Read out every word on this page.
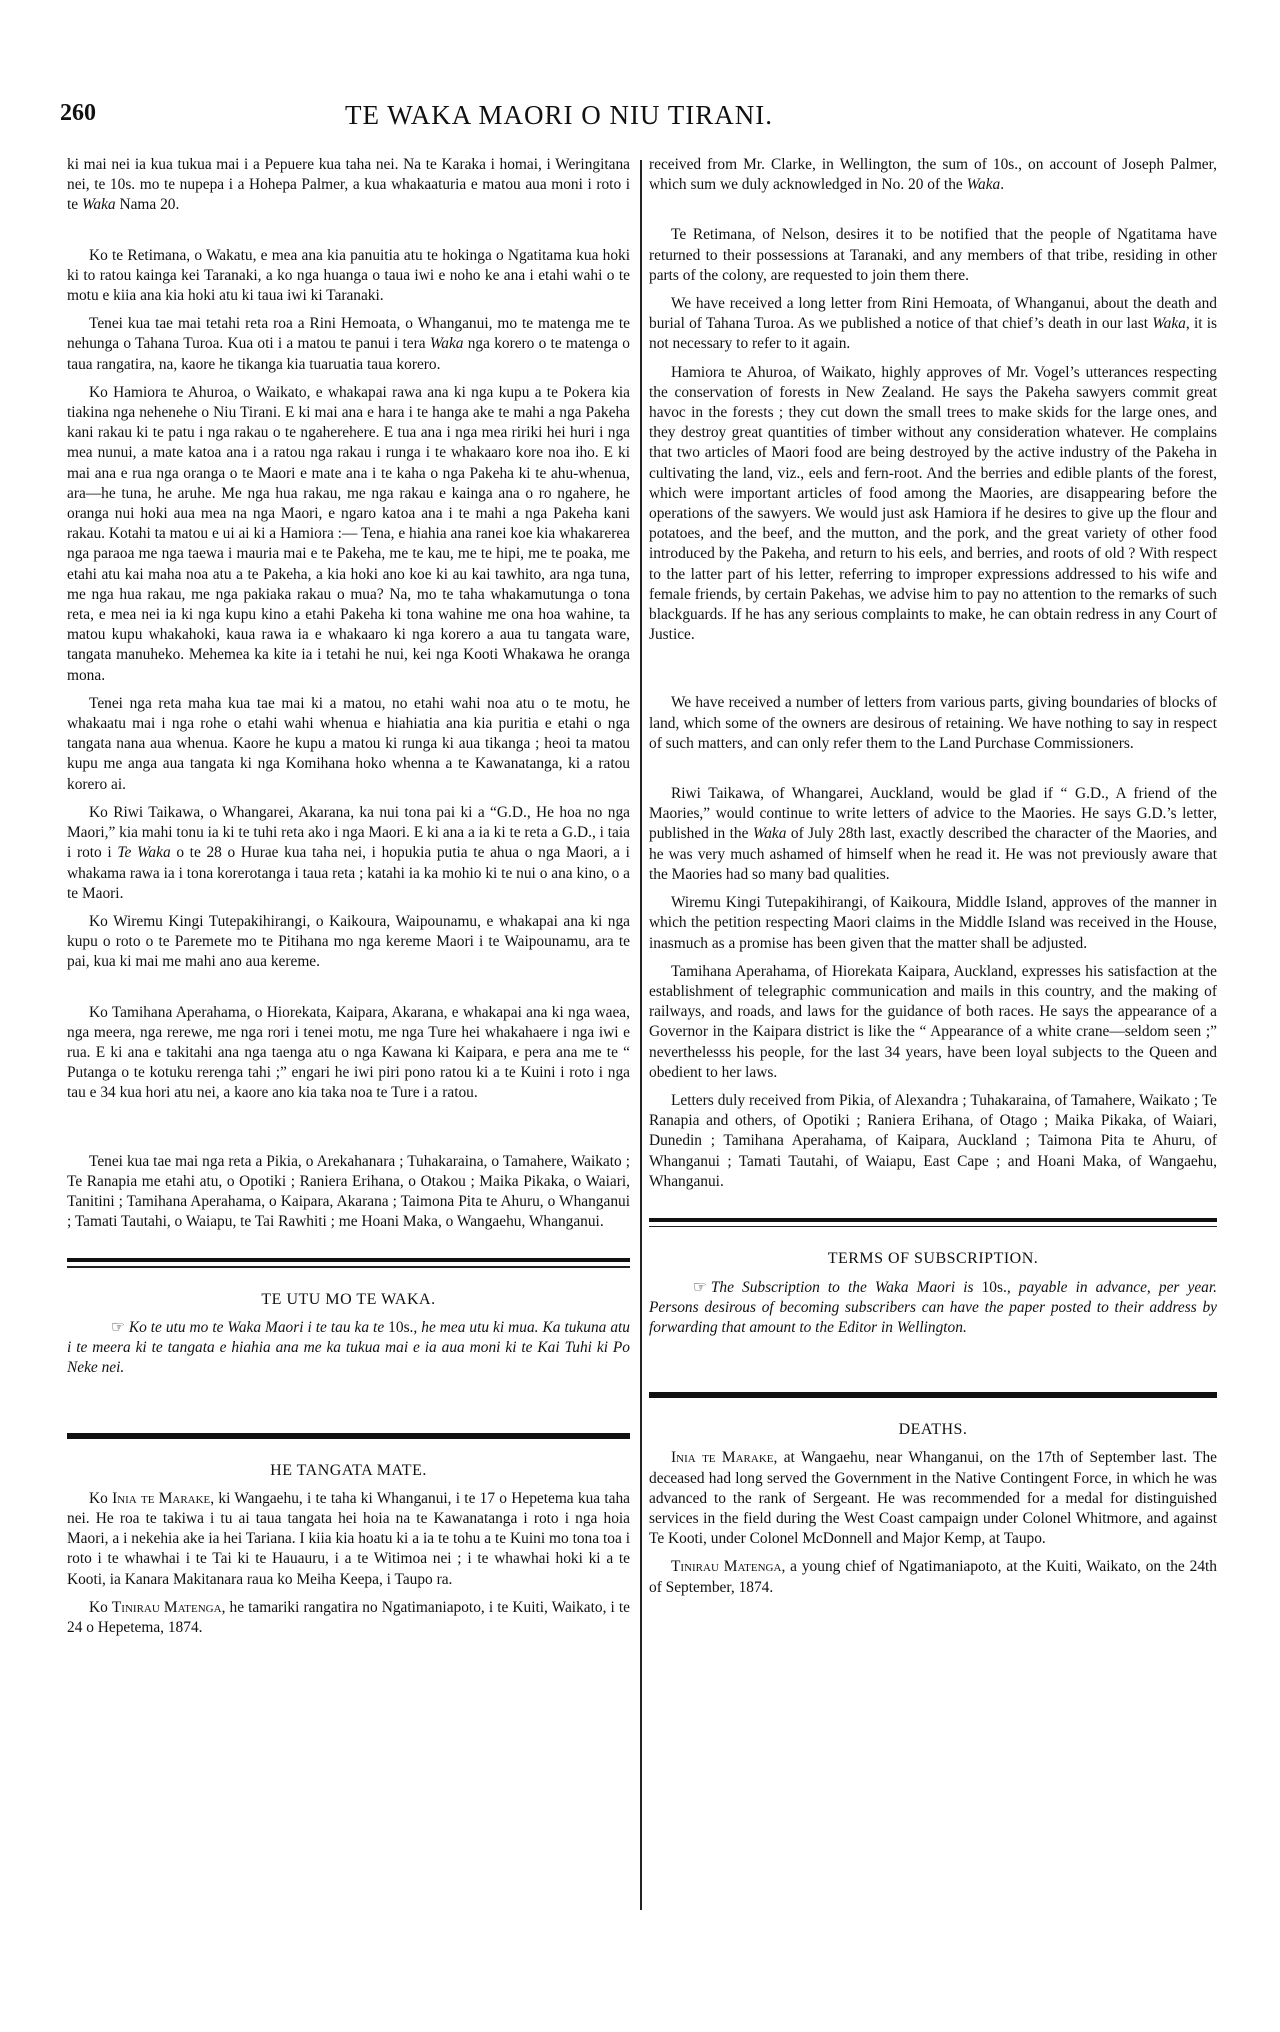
260	TE WAKA MAORI O NIU TIRANI.

ki mai nei ia kua tukua mai i a Pepuere kua taha nei. Na te Karaka i homai, i Weringitana nei, te 10s. mo te nupepa i a Hohepa Palmer, a kua whakaaturia e matou aua moni i roto i te Waka Nama 20.

Ko te Retimana, o Wakatu, e mea ana kia panuitia atu te hokinga o Ngatitama kua hoki ki to ratou kainga kei Taranaki, a ko nga huanga o taua iwi e noho ke ana i etahi wahi o te motu e kiia ana kia hoki atu ki taua iwi ki Taranaki.

Tenei kua tae mai tetahi reta roa a Rini Hemoata, o Whanganui, mo te matenga me te nehunga o Tahana Turoa. Kua oti i a matou te panui i tera Waka nga korero o te matenga o taua rangatira, na, kaore he tikanga kia tuaruatia taua korero.

Ko Hamiora te Ahuroa, o Waikato, e whakapai rawa ana ki nga kupu a te Pokera kia tiakina nga nehenehe o Niu Tirani. E ki mai ana e hara i te hanga ake te mahi a nga Pakeha kani rakau ki te patu i nga rakau o te ngaherehere. E tua ana i nga mea ririki hei huri i nga mea nunui, a mate katoa ana i a ratou nga rakau i runga i te whakaaro kore noa iho. E ki mai ana e rua nga oranga o te Maori e mate ana i te kaha o nga Pakeha ki te ahu-whenua, ara—he tuna, he aruhe. Me nga hua rakau, me nga rakau e kainga ana o ro ngahere, he oranga nui hoki aua mea na nga Maori, e ngaro katoa ana i te mahi a nga Pakeha kani rakau. Kotahi ta matou e ui ai ki a Hamiora :— Tena, e hiahia ana ranei koe kia whakarerea nga paraoa me nga taewa i mauria mai e te Pakeha, me te kau, me te hipi, me te poaka, me etahi atu kai maha noa atu a te Pakeha, a kia hoki ano koe ki au kai tawhito, ara nga tuna, me nga hua rakau, me nga pakiaka rakau o mua? Na, mo te taha whakamutunga o tona reta, e mea nei ia ki nga kupu kino a etahi Pakeha ki tona wahine me ona hoa wahine, ta matou kupu whakahoki, kaua rawa ia e whakaaro ki nga korero a aua tu tangata ware, tangata manuheko. Mehemea ka kite ia i tetahi he nui, kei nga Kooti Whakawa he oranga mona.

Tenei nga reta maha kua tae mai ki a matou, no etahi wahi noa atu o te motu, he whakaatu mai i nga rohe o etahi wahi whenua e hiahiatia ana kia puritia e etahi o nga tangata nana aua whenua. Kaore he kupu a matou ki runga ki aua tikanga ; heoi ta matou kupu me anga aua tangata ki nga Komihana hoko whenna a te Kawanatanga, ki a ratou korero ai.

Ko Riwi Taikawa, o Whangarei, Akarana, ka nui tona pai ki a “G.D., He hoa no nga Maori,” kia mahi tonu ia ki te tuhi reta ako i nga Maori. E ki ana a ia ki te reta a G.D., i taia i roto i Te Waka o te 28 o Hurae kua taha nei, i hopukia putia te ahua o nga Maori, a i whakama rawa ia i tona korerotanga i taua reta ; katahi ia ka mohio ki te nui o ana kino, o a te Maori.

Ko Wiremu Kingi Tutepakihirangi, o Kaikoura, Waipounamu, e whakapai ana ki nga kupu o roto o te Paremete mo te Pitihana mo nga kereme Maori i te Waipounamu, ara te pai, kua ki mai me mahi ano aua kereme.

Ko Tamihana Aperahama, o Hiorekata, Kaipara, Akarana, e whakapai ana ki nga waea, nga meera, nga rerewe, me nga rori i tenei motu, me nga Ture hei whakahaere i nga iwi e rua. E ki ana e takitahi ana nga taenga atu o nga Kawana ki Kaipara, e pera ana me te “ Putanga o te kotuku rerenga tahi ;” engari he iwi piri pono ratou ki a te Kuini i roto i nga tau e 34 kua hori atu nei, a kaore ano kia taka noa te Ture i a ratou.

Tenei kua tae mai nga reta a Pikia, o Arekahanara ; Tuhakaraina, o Tamahere, Waikato ; Te Ranapia me etahi atu, o Opotiki ; Raniera Erihana, o Otakou ; Maika Pikaka, o Waiari, Tanitini ; Tamihana Aperahama, o Kaipara, Akarana ; Taimona Pita te Ahuru, o Whanganui ; Tamati Tautahi, o Waiapu, te Tai Rawhiti ; me Hoani Maka, o Wangaehu, Whanganui.

TE UTU MO TE WAKA.

☞ Ko te utu mo te Waka Maori i te tau ka te 10s., he mea utu ki mua. Ka tukuna atu i te meera ki te tangata e hiahia ana me ka tukua mai e ia aua moni ki te Kai Tuhi ki Po Neke nei.

HE TANGATA MATE.

Ko Inia te Marake, ki Wangaehu, i te taha ki Whanganui, i te 17 o Hepetema kua taha nei. He roa te takiwa i tu ai taua tangata hei hoia na te Kawanatanga i roto i nga hoia Maori, a i nekehia ake ia hei Tariana. I kiia kia hoatu ki a ia te tohu a te Kuini mo tona toa i roto i te whawhai i te Tai ki te Hauauru, i a te Witimoa nei ; i te whawhai hoki ki a te Kooti, ia Kanara Makitanara raua ko Meiha Keepa, i Taupo ra.

Ko Tinirau Matenga, he tamariki rangatira no Ngatimaniapoto, i te Kuiti, Waikato, i te 24 o Hepetema, 1874.

received from Mr. Clarke, in Wellington, the sum of 10s., on account of Joseph Palmer, which sum we duly acknowledged in No. 20 of the Waka.

Te Retimana, of Nelson, desires it to be notified that the people of Ngatitama have returned to their possessions at Taranaki, and any members of that tribe, residing in other parts of the colony, are requested to join them there.

We have received a long letter from Rini Hemoata, of Whanganui, about the death and burial of Tahana Turoa. As we published a notice of that chief’s death in our last Waka, it is not necessary to refer to it again.

Hamiora te Ahuroa, of Waikato, highly approves of Mr. Vogel’s utterances respecting the conservation of forests in New Zealand. He says the Pakeha sawyers commit great havoc in the forests ; they cut down the small trees to make skids for the large ones, and they destroy great quantities of timber without any consideration whatever. He complains that two articles of Maori food are being destroyed by the active industry of the Pakeha in cultivating the land, viz., eels and fern-root. And the berries and edible plants of the forest, which were important articles of food among the Maories, are disappearing before the operations of the sawyers. We would just ask Hamiora if he desires to give up the flour and potatoes, and the beef, and the mutton, and the pork, and the great variety of other food introduced by the Pakeha, and return to his eels, and berries, and roots of old ? With respect to the latter part of his letter, referring to improper expressions addressed to his wife and female friends, by certain Pakehas, we advise him to pay no attention to the remarks of such blackguards. If he has any serious complaints to make, he can obtain redress in any Court of Justice.

We have received a number of letters from various parts, giving boundaries of blocks of land, which some of the owners are desirous of retaining. We have nothing to say in respect of such matters, and can only refer them to the Land Purchase Commissioners.

Riwi Taikawa, of Whangarei, Auckland, would be glad if “ G.D., A friend of the Maories,” would continue to write letters of advice to the Maories. He says G.D.’s letter, published in the Waka of July 28th last, exactly described the character of the Maories, and he was very much ashamed of himself when he read it. He was not previously aware that the Maories had so many bad qualities.

Wiremu Kingi Tutepakihirangi, of Kaikoura, Middle Island, approves of the manner in which the petition respecting Maori claims in the Middle Island was received in the House, inasmuch as a promise has been given that the matter shall be adjusted.

Tamihana Aperahama, of Hiorekata Kaipara, Auckland, expresses his satisfaction at the establishment of telegraphic communication and mails in this country, and the making of railways, and roads, and laws for the guidance of both races. He says the appearance of a Governor in the Kaipara district is like the “ Appearance of a white crane—seldom seen ;” neverthelesss his people, for the last 34 years, have been loyal subjects to the Queen and obedient to her laws.

Letters duly received from Pikia, of Alexandra ; Tuhakaraina, of Tamahere, Waikato ; Te Ranapia and others, of Opotiki ; Raniera Erihana, of Otago ; Maika Pikaka, of Waiari, Dunedin ; Tamihana Aperahama, of Kaipara, Auckland ; Taimona Pita te Ahuru, of Whanganui ; Tamati Tautahi, of Waiapu, East Cape ; and Hoani Maka, of Wangaehu, Whanganui.

TERMS OF SUBSCRIPTION.

☞ The Subscription to the Waka Maori is 10s., payable in advance, per year. Persons desirous of becoming subscribers can have the paper posted to their address by forwarding that amount to the Editor in Wellington.

DEATHS.

Inia te Marake, at Wangaehu, near Whanganui, on the 17th of September last. The deceased had long served the Government in the Native Contingent Force, in which he was advanced to the rank of Sergeant. He was recommended for a medal for distinguished services in the field during the West Coast campaign under Colonel Whitmore, and against Te Kooti, under Colonel McDonnell and Major Kemp, at Taupo.

Tinirau Matenga, a young chief of Ngatimaniapoto, at the Kuiti, Waikato, on the 24th of September, 1874.
